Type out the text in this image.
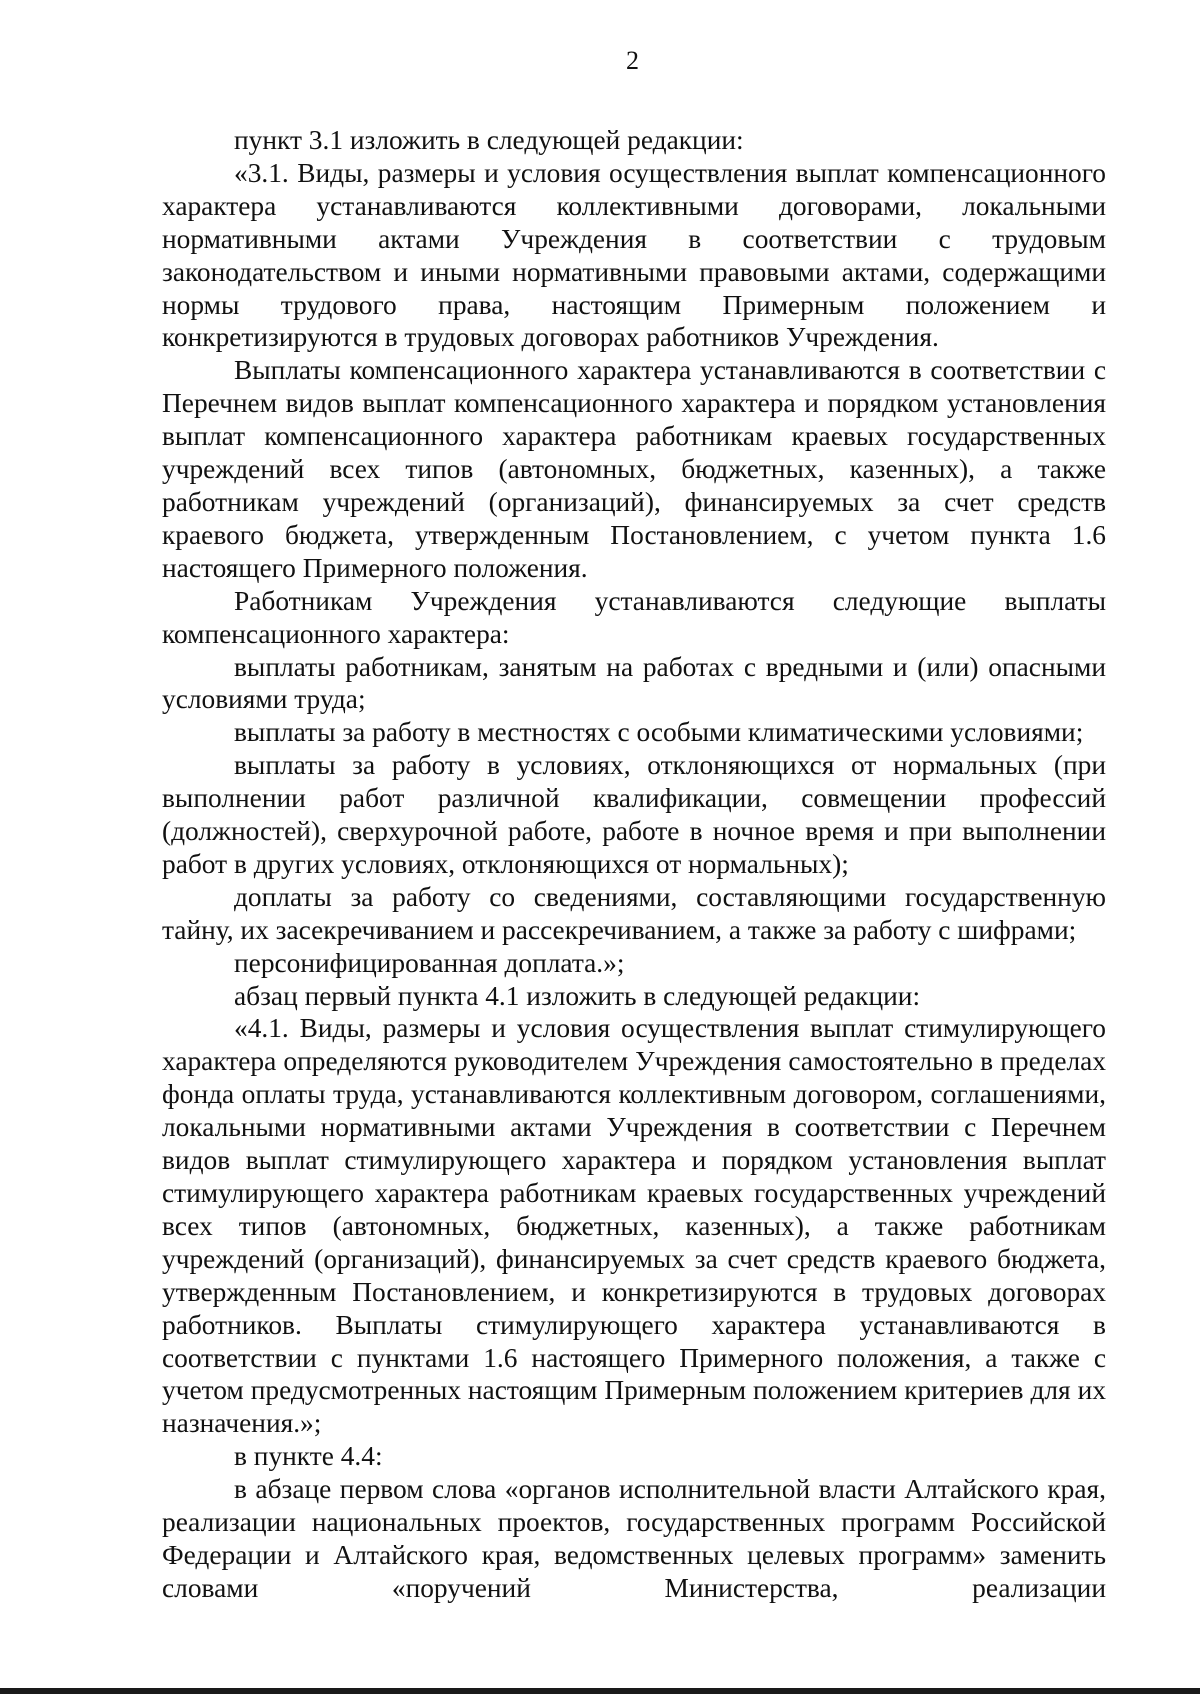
2

пункт 3.1 изложить в следующей редакции:

«3.1. Виды, размеры и условия осуществления выплат компенсационного характера устанавливаются коллективными договорами, локальными нормативными актами Учреждения в соответствии с трудовым законодательством и иными нормативными правовыми актами, содержащими нормы трудового права, настоящим Примерным положением и конкретизируются в трудовых договорах работников Учреждения.

Выплаты компенсационного характера устанавливаются в соответствии с Перечнем видов выплат компенсационного характера и порядком установления выплат компенсационного характера работникам краевых государственных учреждений всех типов (автономных, бюджетных, казенных), а также работникам учреждений (организаций), финансируемых за счет средств краевого бюджета, утвержденным Постановлением, с учетом пункта 1.6 настоящего Примерного положения.

Работникам Учреждения устанавливаются следующие выплаты компенсационного характера:

выплаты работникам, занятым на работах с вредными и (или) опасными условиями труда;

выплаты за работу в местностях с особыми климатическими условиями;

выплаты за работу в условиях, отклоняющихся от нормальных (при выполнении работ различной квалификации, совмещении профессий (должностей), сверхурочной работе, работе в ночное время и при выполнении работ в других условиях, отклоняющихся от нормальных);

доплаты за работу со сведениями, составляющими государственную тайну, их засекречиванием и рассекречиванием, а также за работу с шифрами;

персонифицированная доплата.»;

абзац первый пункта 4.1 изложить в следующей редакции:

«4.1. Виды, размеры и условия осуществления выплат стимулирующего характера определяются руководителем Учреждения самостоятельно в пределах фонда оплаты труда, устанавливаются коллективным договором, соглашениями, локальными нормативными актами Учреждения в соответствии с Перечнем видов выплат стимулирующего характера и порядком установления выплат стимулирующего характера работникам краевых государственных учреждений всех типов (автономных, бюджетных, казенных), а также работникам учреждений (организаций), финансируемых за счет средств краевого бюджета, утвержденным Постановлением, и конкретизируются в трудовых договорах работников. Выплаты стимулирующего характера устанавливаются в соответствии с пунктами 1.6 настоящего Примерного положения, а также с учетом предусмотренных настоящим Примерным положением критериев для их назначения.»;

в пункте 4.4:

в абзаце первом слова «органов исполнительной власти Алтайского края, реализации национальных проектов, государственных программ Российской Федерации и Алтайского края, ведомственных целевых программ» заменить словами «поручений Министерства, реализации
